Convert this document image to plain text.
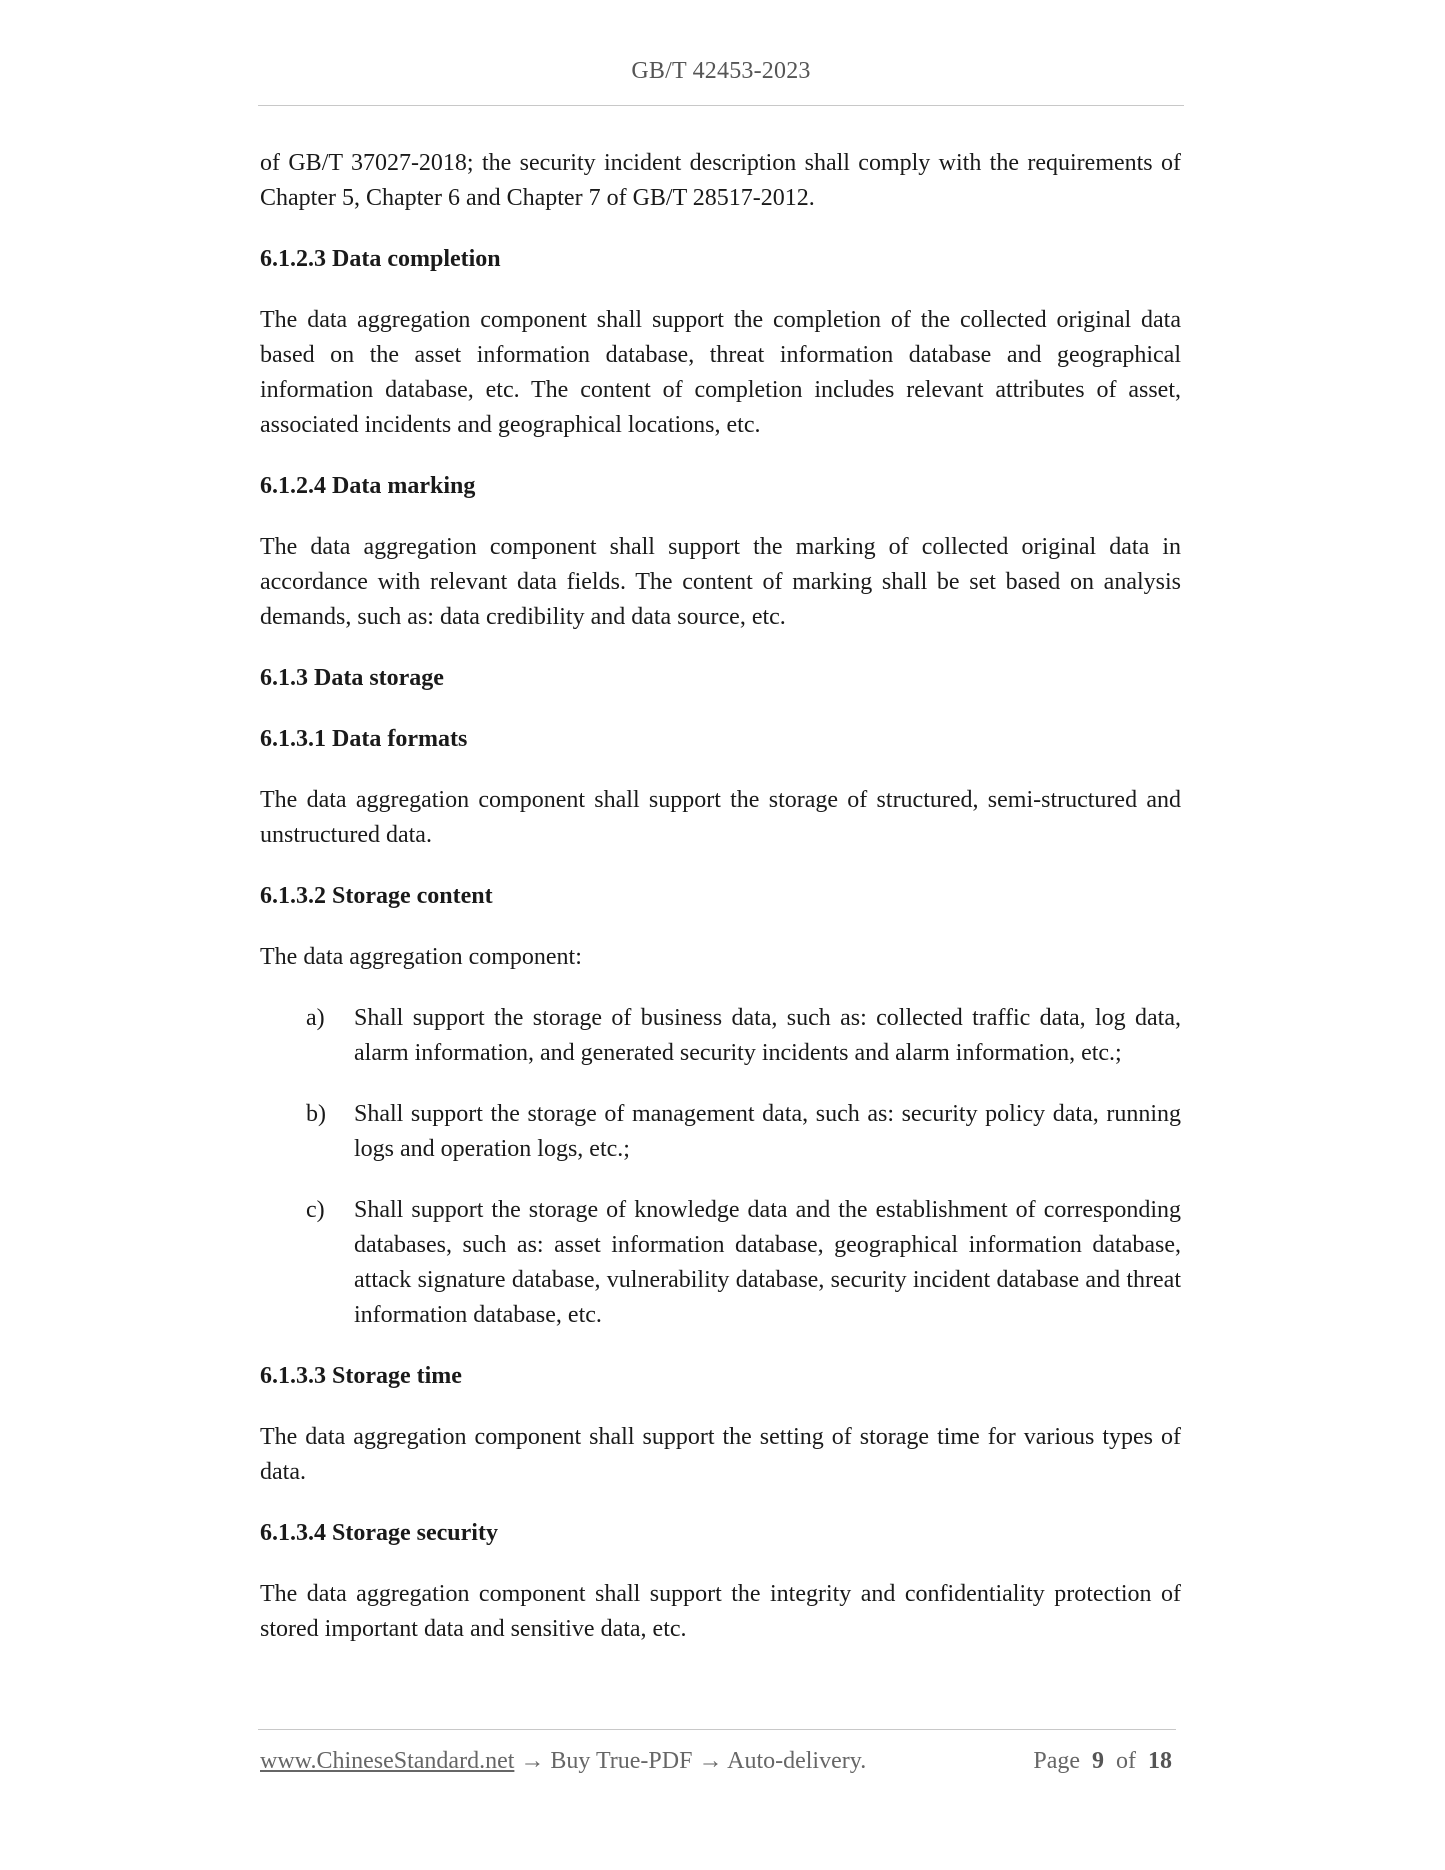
GB/T 42453-2023

of GB/T 37027-2018; the security incident description shall comply with the requirements of Chapter 5, Chapter 6 and Chapter 7 of GB/T 28517-2012.

6.1.2.3 Data completion

The data aggregation component shall support the completion of the collected original data based on the asset information database, threat information database and geographical information database, etc. The content of completion includes relevant attributes of asset, associated incidents and geographical locations, etc.

6.1.2.4 Data marking

The data aggregation component shall support the marking of collected original data in accordance with relevant data fields. The content of marking shall be set based on analysis demands, such as: data credibility and data source, etc.

6.1.3 Data storage
6.1.3.1 Data formats

The data aggregation component shall support the storage of structured, semi-structured and unstructured data.

6.1.3.2 Storage content

The data aggregation component:

a)	Shall support the storage of business data, such as: collected traffic data, log data, alarm information, and generated security incidents and alarm information, etc.;
b)	Shall support the storage of management data, such as: security policy data, running logs and operation logs, etc.;
c)	Shall support the storage of knowledge data and the establishment of corresponding databases, such as: asset information database, geographical information database, attack signature database, vulnerability database, security incident database and threat information database, etc.
6.1.3.3 Storage time

The data aggregation component shall support the setting of storage time for various types of data.

6.1.3.4 Storage security

The data aggregation component shall support the integrity and confidentiality protection of stored important data and sensitive data, etc.

www.ChineseStandard.net → Buy True-PDF → Auto-delivery.	Page 9 of 18
